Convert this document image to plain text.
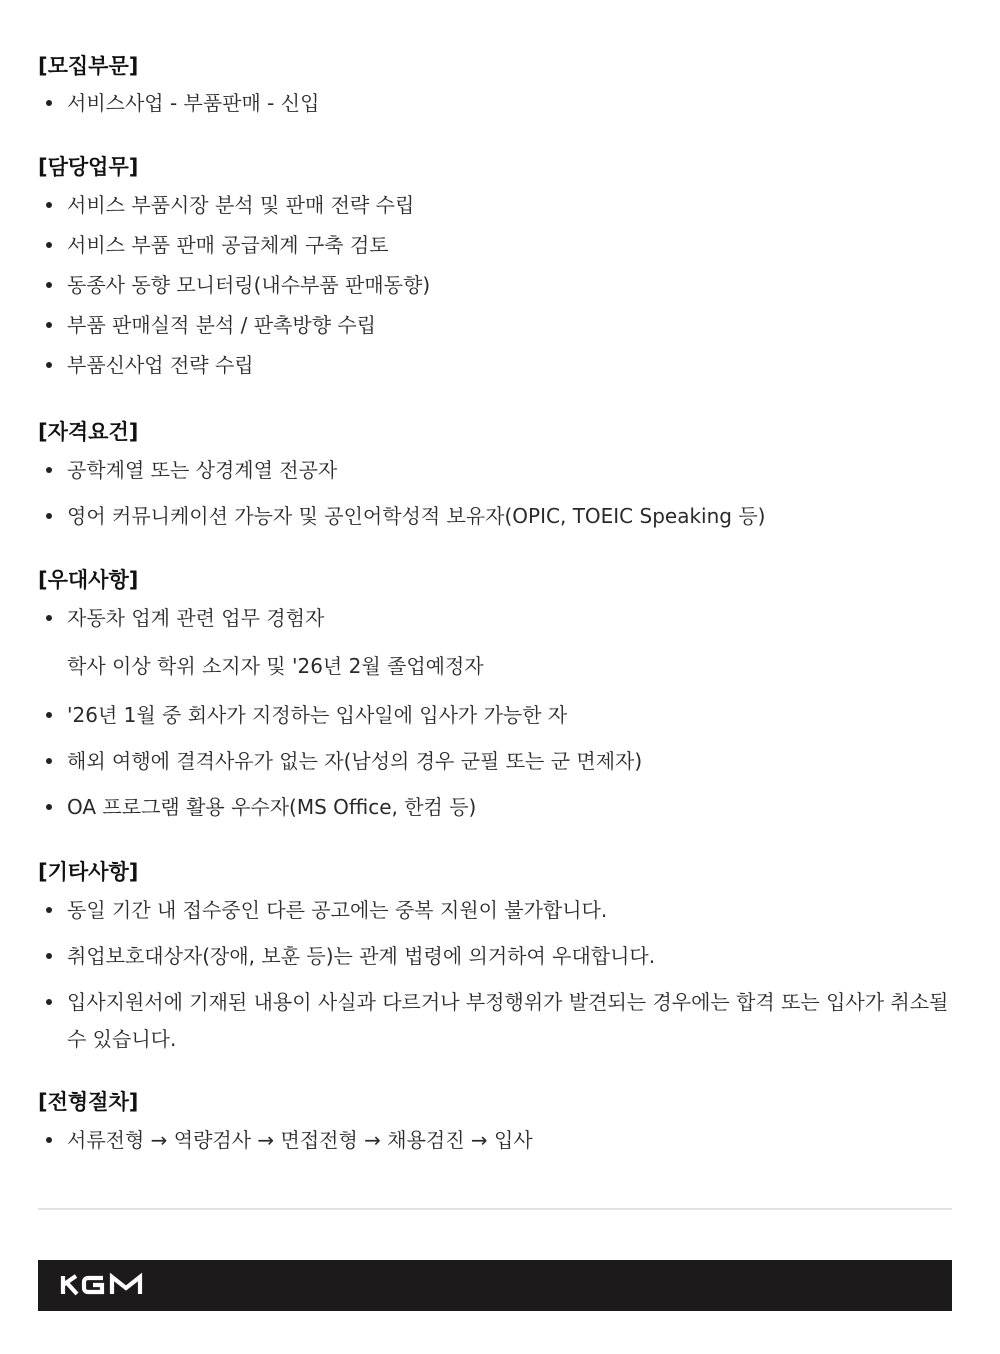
[모집부문]
서비스사업 - 부품판매 - 신입
[담당업무]
서비스 부품시장 분석 및 판매 전략 수립
서비스 부품 판매 공급체계 구축 검토
동종사 동향 모니터링(내수부품 판매동향)
부품 판매실적 분석 / 판촉방향 수립
부품신사업 전략 수립
[자격요건]
공학계열 또는 상경계열 전공자
영어 커뮤니케이션 가능자 및 공인어학성적 보유자(OPIC, TOEIC Speaking 등)
[우대사항]
자동차 업계 관련 업무 경험자
학사 이상 학위 소지자 및 '26년 2월 졸업예정자
'26년 1월 중 회사가 지정하는 입사일에 입사가 가능한 자
해외 여행에 결격사유가 없는 자(남성의 경우 군필 또는 군 면제자)
OA 프로그램 활용 우수자(MS Office, 한컴 등)
[기타사항]
동일 기간 내 접수중인 다른 공고에는 중복 지원이 불가합니다.
취업보호대상자(장애, 보훈 등)는 관계 법령에 의거하여 우대합니다.
입사지원서에 기재된 내용이 사실과 다르거나 부정행위가 발견되는 경우에는 합격 또는 입사가 취소될 수 있습니다.
[전형절차]
서류전형 → 역량검사 → 면접전형 → 채용검진 → 입사
